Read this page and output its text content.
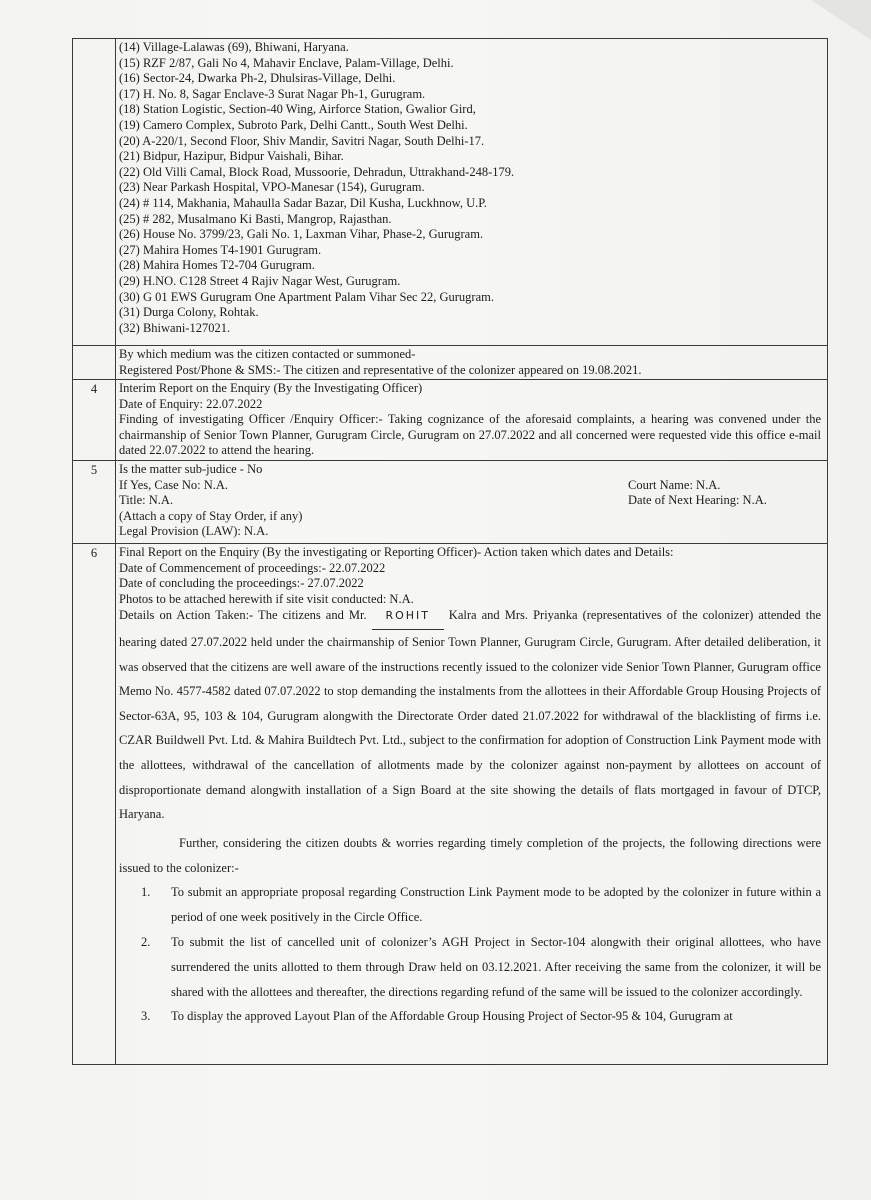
(14) Village-Lalawas (69), Bhiwani, Haryana.
(15) RZF 2/87, Gali No 4, Mahavir Enclave, Palam-Village, Delhi.
(16) Sector-24, Dwarka Ph-2, Dhulsiras-Village, Delhi.
(17) H. No. 8, Sagar Enclave-3 Surat Nagar Ph-1, Gurugram.
(18) Station Logistic, Section-40 Wing, Airforce Station, Gwalior Gird,
(19) Camero Complex, Subroto Park, Delhi Cantt., South West Delhi.
(20) A-220/1, Second Floor, Shiv Mandir, Savitri Nagar, South Delhi-17.
(21) Bidpur, Hazipur, Bidpur Vaishali, Bihar.
(22) Old Villi Camal, Block Road, Mussoorie, Dehradun, Uttrakhand-248-179.
(23) Near Parkash Hospital, VPO-Manesar (154), Gurugram.
(24) # 114, Makhania, Mahaulla Sadar Bazar, Dil Kusha, Luckhnow, U.P.
(25) # 282, Musalmano Ki Basti, Mangrop, Rajasthan.
(26) House No. 3799/23, Gali No. 1, Laxman Vihar, Phase-2, Gurugram.
(27) Mahira Homes T4-1901 Gurugram.
(28) Mahira Homes T2-704 Gurugram.
(29) H.NO. C128 Street 4 Rajiv Nagar West, Gurugram.
(30) G 01 EWS Gurugram One Apartment Palam Vihar Sec 22, Gurugram.
(31) Durga Colony, Rohtak.
(32) Bhiwani-127021.
By which medium was the citizen contacted or summoned-
Registered Post/Phone & SMS:- The citizen and representative of the colonizer appeared on 19.08.2021.
4	Interim Report on the Enquiry (By the Investigating Officer)
Date of Enquiry: 22.07.2022
Finding of investigating Officer /Enquiry Officer:- Taking cognizance of the aforesaid complaints, a hearing was convened under the chairmanship of Senior Town Planner, Gurugram Circle, Gurugram on 27.07.2022 and all concerned were requested vide this office e-mail dated 22.07.2022 to attend the hearing.
5	Is the matter sub-judice - No
If Yes, Case No: N.A.	Court Name: N.A.
Title: N.A.	Date of Next Hearing: N.A.
(Attach a copy of Stay Order, if any)
Legal Provision (LAW): N.A.
6	Final Report on the Enquiry (By the investigating or Reporting Officer)- Action taken which dates and Details:
Date of Commencement of proceedings:- 22.07.2022
Date of concluding the proceedings:- 27.07.2022
Photos to be attached herewith if site visit conducted: N.A.
Details on Action Taken:- The citizens and Mr. ROHIT Kalra and Mrs. Priyanka (representatives of the colonizer) attended the hearing dated 27.07.2022 held under the chairmanship of Senior Town Planner, Gurugram Circle, Gurugram. After detailed deliberation, it was observed that the citizens are well aware of the instructions recently issued to the colonizer vide Senior Town Planner, Gurugram office Memo No. 4577-4582 dated 07.07.2022 to stop demanding the instalments from the allottees in their Affordable Group Housing Projects of Sector-63A, 95, 103 & 104, Gurugram alongwith the Directorate Order dated 21.07.2022 for withdrawal of the blacklisting of firms i.e. CZAR Buildwell Pvt. Ltd. & Mahira Buildtech Pvt. Ltd., subject to the confirmation for adoption of Construction Link Payment mode with the allottees, withdrawal of the cancellation of allotments made by the colonizer against non-payment by allottees on account of disproportionate demand alongwith installation of a Sign Board at the site showing the details of flats mortgaged in favour of DTCP, Haryana.
Further, considering the citizen doubts & worries regarding timely completion of the projects, the following directions were issued to the colonizer:-
1. To submit an appropriate proposal regarding Construction Link Payment mode to be adopted by the colonizer in future within a period of one week positively in the Circle Office.
2. To submit the list of cancelled unit of colonizer’s AGH Project in Sector-104 alongwith their original allottees, who have surrendered the units allotted to them through Draw held on 03.12.2021. After receiving the same from the colonizer, it will be shared with the allottees and thereafter, the directions regarding refund of the same will be issued to the colonizer accordingly.
3. To display the approved Layout Plan of the Affordable Group Housing Project of Sector-95 & 104, Gurugram at
